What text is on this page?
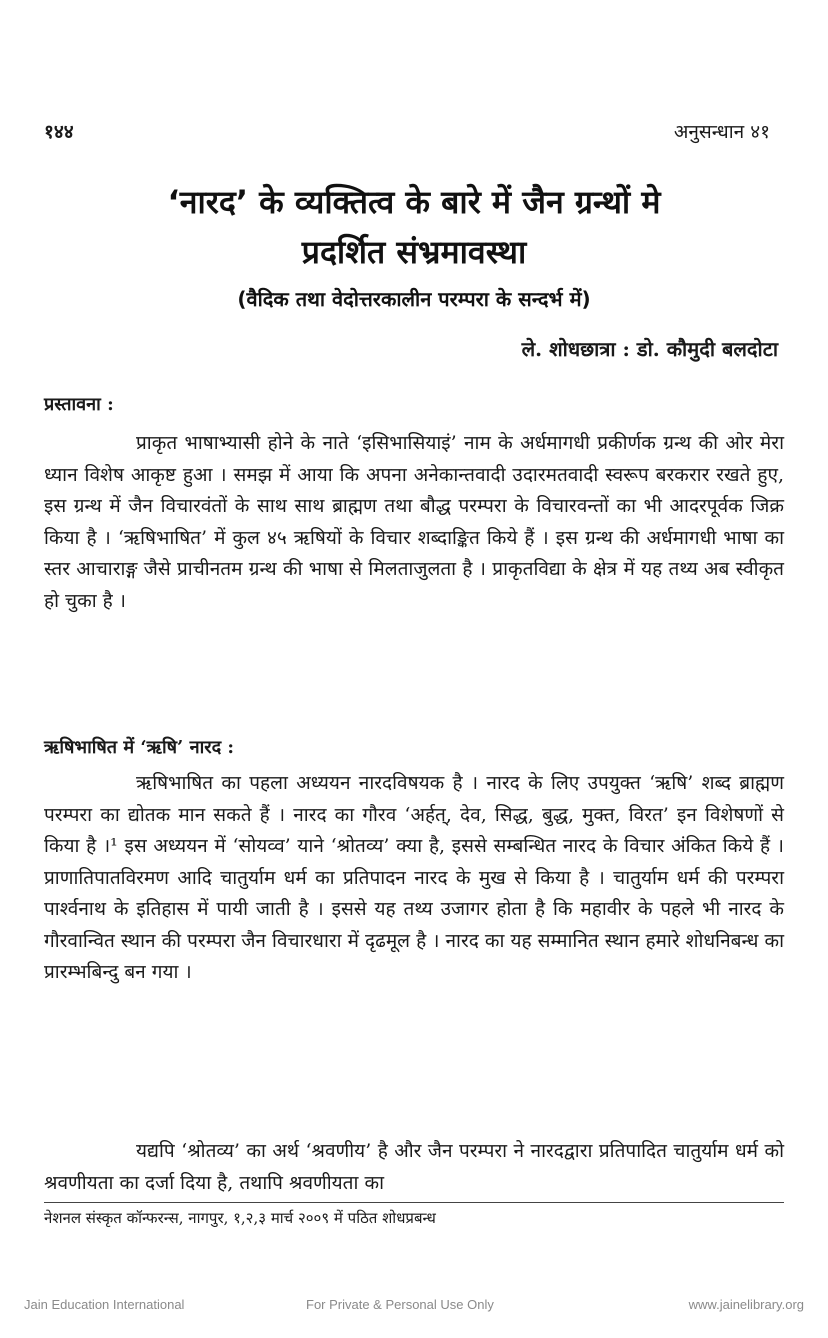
१४४	अनुसन्धान ४१
‘नारद’ के व्यक्तित्व के बारे में जैन ग्रन्थों मे
प्रदर्शित संभ्रमावस्था
(वैदिक तथा वेदोत्तरकालीन परम्परा के सन्दर्भ में)
ले. शोधछात्रा : डो. कौमुदी बलदोटा
प्रस्तावना :
प्राकृत भाषाभ्यासी होने के नाते ‘इसिभासियाइं’ नाम के अर्धमागधी प्रकीर्णक ग्रन्थ की ओर मेरा ध्यान विशेष आकृष्ट हुआ । समझ में आया कि अपना अनेकान्तवादी उदारमतवादी स्वरूप बरकरार रखते हुए, इस ग्रन्थ में जैन विचारवंतों के साथ साथ ब्राह्मण तथा बौद्ध परम्परा के विचारवन्तों का भी आदरपूर्वक जिक्र किया है । ‘ऋषिभाषित’ में कुल ४५ ऋषियों के विचार शब्दाङ्कित किये हैं । इस ग्रन्थ की अर्धमागधी भाषा का स्तर आचाराङ्ग जैसे प्राचीनतम ग्रन्थ की भाषा से मिलताजुलता है । प्राकृतविद्या के क्षेत्र में यह तथ्य अब स्वीकृत हो चुका है ।
ऋषिभाषित में ‘ऋषि’ नारद :
ऋषिभाषित का पहला अध्ययन नारदविषयक है । नारद के लिए उपयुक्त ‘ऋषि’ शब्द ब्राह्मण परम्परा का द्योतक मान सकते हैं । नारद का गौरव ‘अर्हत्, देव, सिद्ध, बुद्ध, मुक्त, विरत’ इन विशेषणों से किया है ।¹ इस अध्ययन में ‘सोयव्व’ याने ‘श्रोतव्य’ क्या है, इससे सम्बन्धित नारद के विचार अंकित किये हैं । प्राणातिपातविरमण आदि चातुर्याम धर्म का प्रतिपादन नारद के मुख से किया है । चातुर्याम धर्म की परम्परा पार्श्वनाथ के इतिहास में पायी जाती है । इससे यह तथ्य उजागर होता है कि महावीर के पहले भी नारद के गौरवान्वित स्थान की परम्परा जैन विचारधारा में दृढमूल है । नारद का यह सम्मानित स्थान हमारे शोधनिबन्ध का प्रारम्भबिन्दु बन गया ।
यद्यपि ‘श्रोतव्य’ का अर्थ ‘श्रवणीय’ है और जैन परम्परा ने नारदद्वारा प्रतिपादित चातुर्याम धर्म को श्रवणीयता का दर्जा दिया है, तथापि श्रवणीयता का
नेशनल संस्कृत कॉन्फरन्स, नागपुर, १,२,३ मार्च २००९ में पठित शोधप्रबन्ध
Jain Education International	For Private & Personal Use Only	www.jainelibrary.org
